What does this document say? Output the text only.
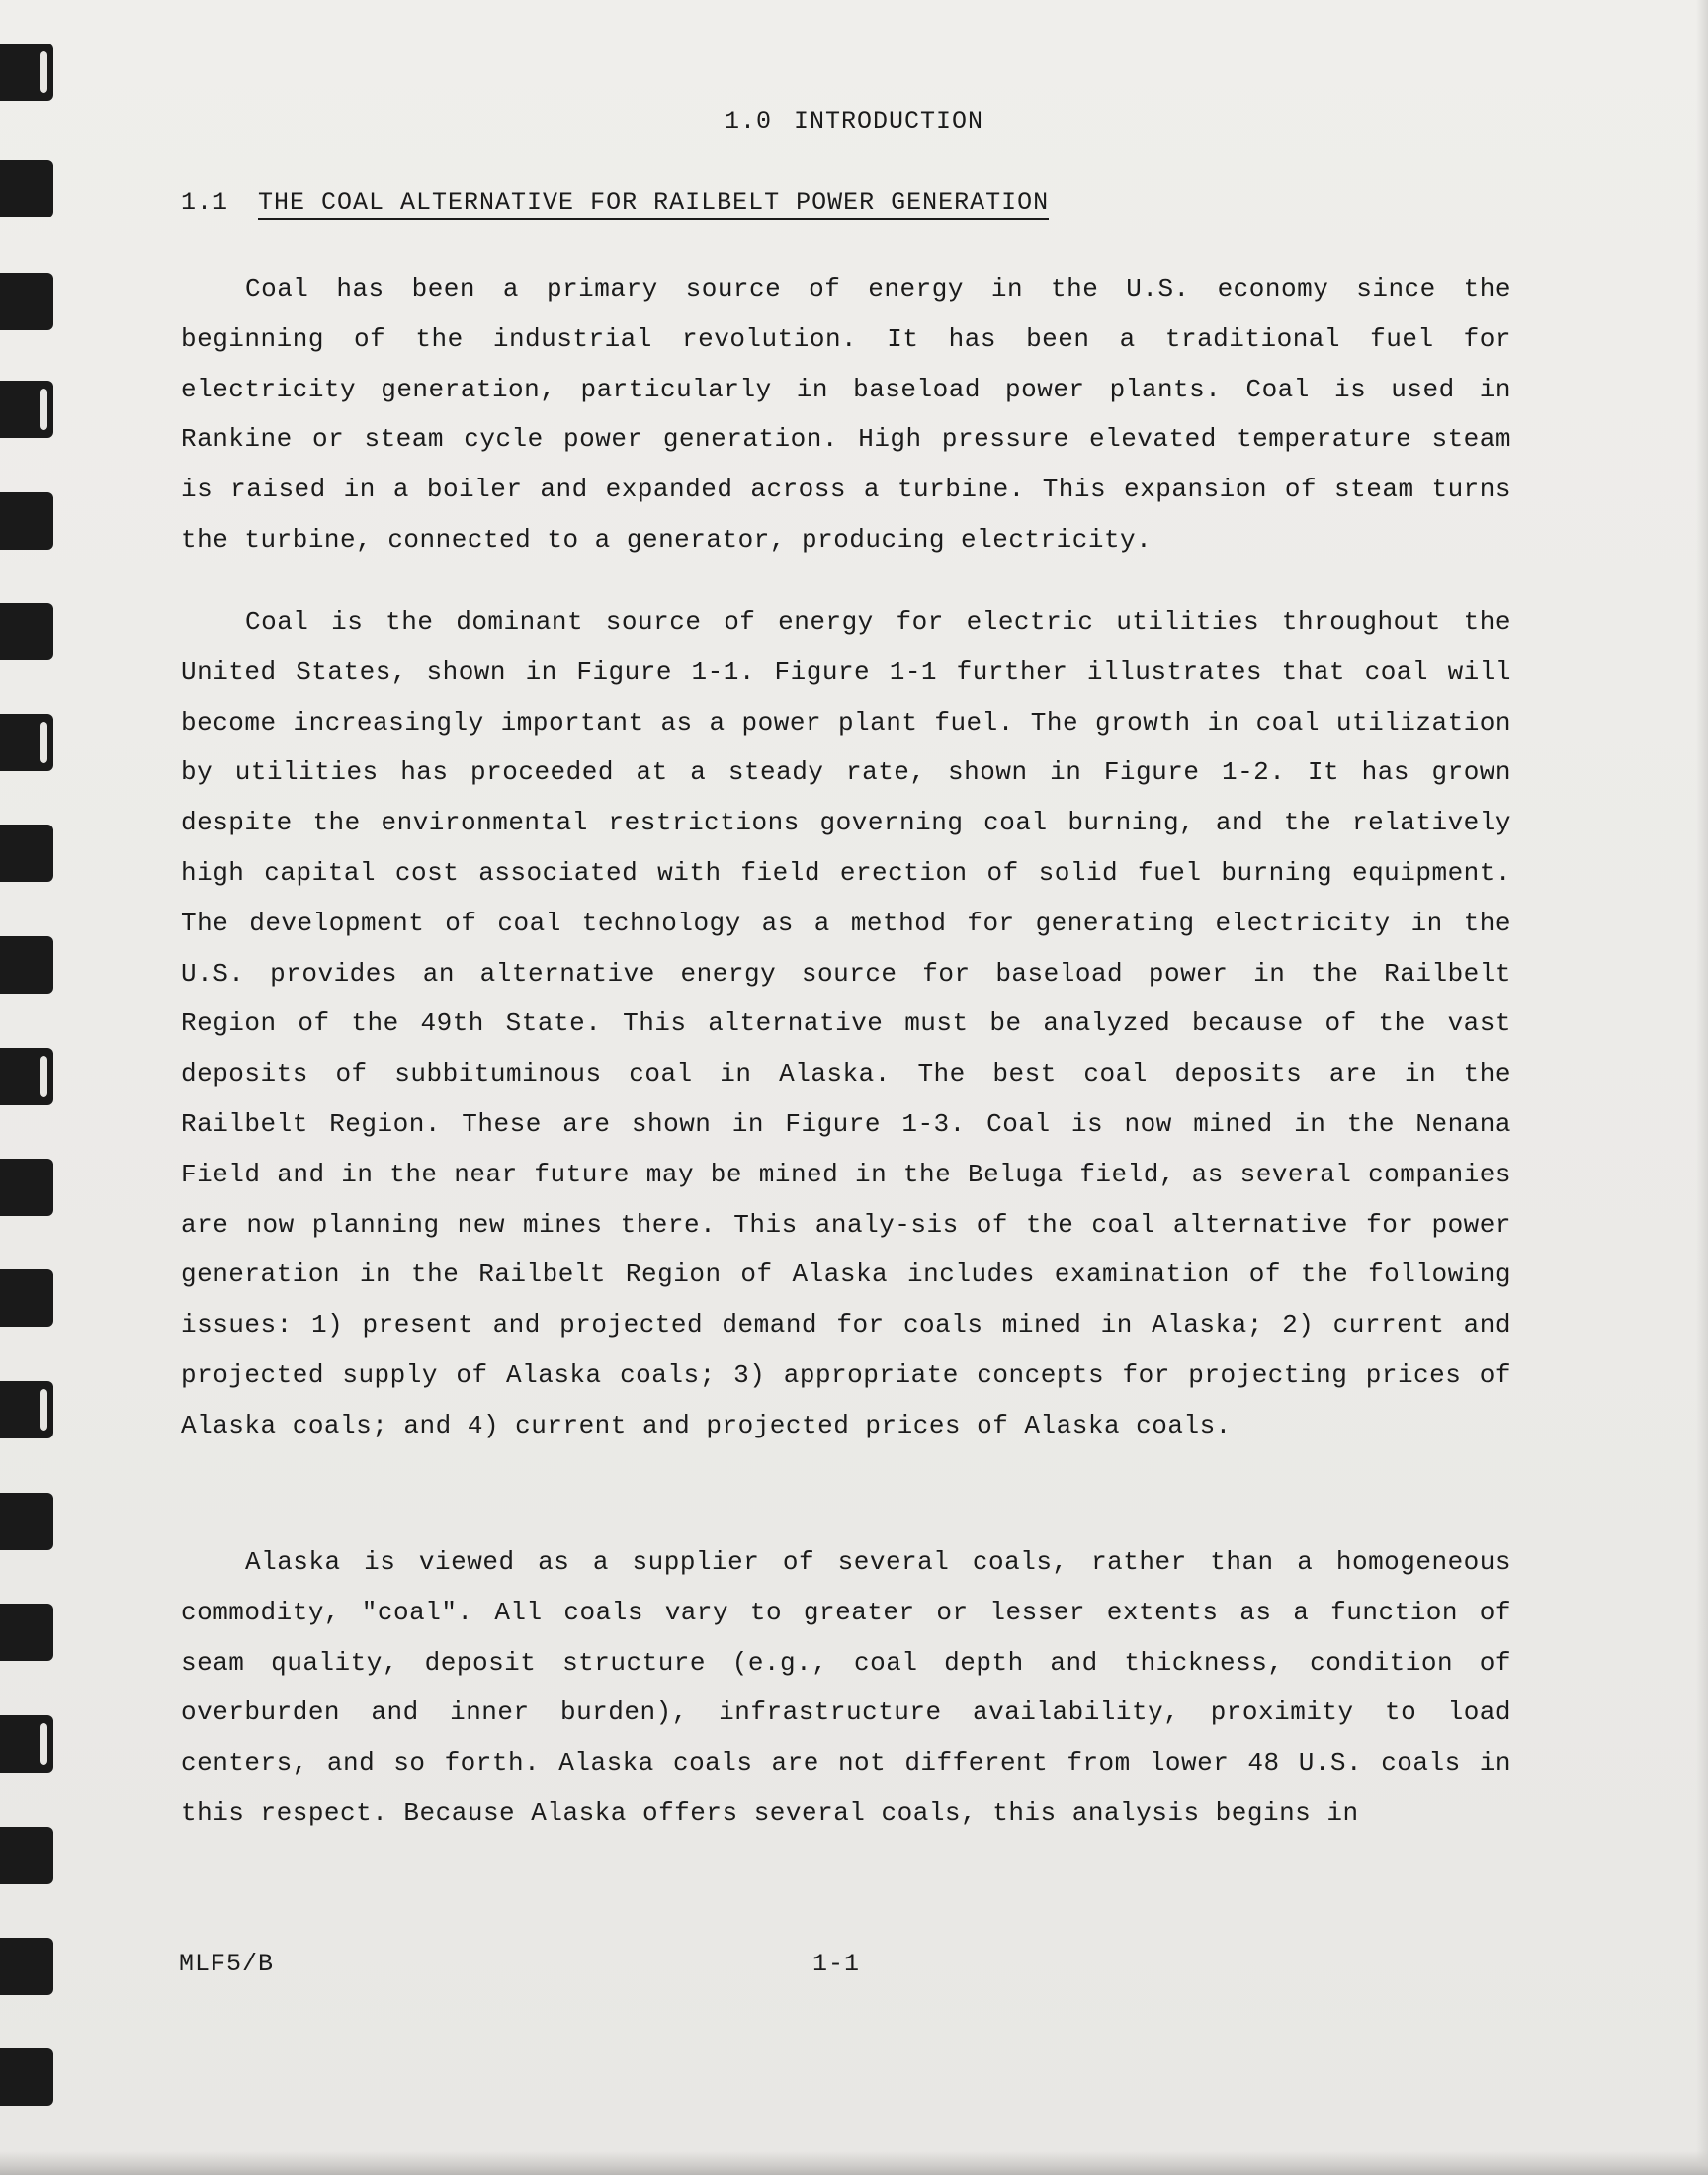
1.0 INTRODUCTION
1.1 THE COAL ALTERNATIVE FOR RAILBELT POWER GENERATION

Coal has been a primary source of energy in the U.S. economy since the beginning of the industrial revolution. It has been a traditional fuel for electricity generation, particularly in baseload power plants. Coal is used in Rankine or steam cycle power generation. High pressure elevated temperature steam is raised in a boiler and expanded across a turbine. This expansion of steam turns the turbine, connected to a generator, producing electricity.

Coal is the dominant source of energy for electric utilities throughout the United States, shown in Figure 1-1. Figure 1-1 further illustrates that coal will become increasingly important as a power plant fuel. The growth in coal utilization by utilities has proceeded at a steady rate, shown in Figure 1-2. It has grown despite the environmental restrictions governing coal burning, and the relatively high capital cost associated with field erection of solid fuel burning equipment. The development of coal technology as a method for generating electricity in the U.S. provides an alternative energy source for baseload power in the Railbelt Region of the 49th State. This alternative must be analyzed because of the vast deposits of subbituminous coal in Alaska. The best coal deposits are in the Railbelt Region. These are shown in Figure 1-3. Coal is now mined in the Nenana Field and in the near future may be mined in the Beluga field, as several companies are now planning new mines there. This analy-sis of the coal alternative for power generation in the Railbelt Region of Alaska includes examination of the following issues: 1) present and projected demand for coals mined in Alaska; 2) current and projected supply of Alaska coals; 3) appropriate concepts for projecting prices of Alaska coals; and 4) current and projected prices of Alaska coals.

Alaska is viewed as a supplier of several coals, rather than a homogeneous commodity, "coal". All coals vary to greater or lesser extents as a function of seam quality, deposit structure (e.g., coal depth and thickness, condition of overburden and inner burden), infrastructure availability, proximity to load centers, and so forth. Alaska coals are not different from lower 48 U.S. coals in this respect. Because Alaska offers several coals, this analysis begins in

MLF5/B	1-1
